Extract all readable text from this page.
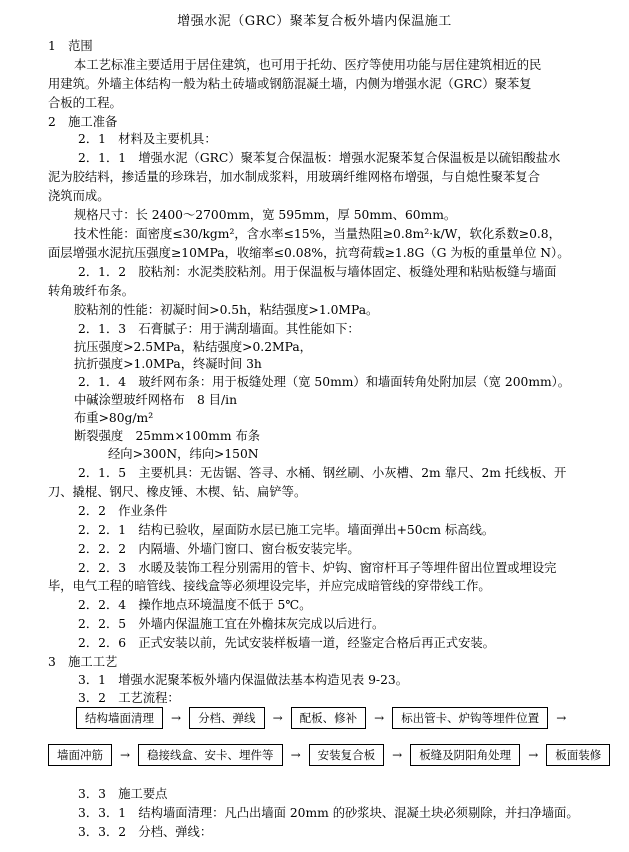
增强水泥（GRC）聚苯复合板外墙内保温施工
1　范围
本工艺标准主要适用于居住建筑，也可用于托幼、医疗等使用功能与居住建筑相近的民
用建筑。外墙主体结构一般为粘土砖墙或钢筋混凝土墙，内侧为增强水泥（GRC）聚苯复
合板的工程。
2　施工准备
2．1　材料及主要机具：
2．1．1　增强水泥（GRC）聚苯复合保温板：增强水泥聚苯复合保温板是以硫铝酸盐水
泥为胶结料，掺适量的珍珠岩，加水制成浆料，用玻璃纤维网格布增强，与自熄性聚苯复合
浇筑而成。
规格尺寸：长 2400～2700mm，宽 595mm，厚 50mm、60mm。
技术性能：面密度≤30/kgm²，含水率≤15%，当量热阻≥0.8m²·k/W，软化系数≥0.8，
面层增强水泥抗压强度≥10MPa，收缩率≤0.08%，抗弯荷载≥1.8G（G 为板的重量单位 N）。
2．1．2　胶粘剂：水泥类胶粘剂。用于保温板与墙体固定、板缝处理和粘贴板缝与墙面
转角玻纤布条。
胶粘剂的性能：初凝时间>0.5h，粘结强度>1.0MPa。
2．1．3　石膏腻子：用于满刮墙面。其性能如下：
抗压强度>2.5MPa，粘结强度>0.2MPa，
抗折强度>1.0MPa，终凝时间 3h
2．1．4　玻纤网布条：用于板缝处理（宽 50mm）和墙面转角处附加层（宽 200mm）。
中碱涂塑玻纤网格布　8 目/in
布重>80g/m²
断裂强度　25mm×100mm 布条
经向>300N，纬向>150N
2．1．5　主要机具：无齿锯、答寻、水桶、钢丝刷、小灰槽、2m 靠尺、2m 托线板、开
刀、撬棍、钢尺、橡皮锤、木楔、钻、扁铲等。
2．2　作业条件
2．2．1　结构已验收，屋面防水层已施工完毕。墙面弹出+50cm 标高线。
2．2．2　内隔墙、外墙门窗口、窗台板安装完毕。
2．2．3　水暖及装饰工程分别需用的管卡、炉钩、窗帘杆耳子等埋件留出位置或埋设完
毕，电气工程的暗管线、接线盒等必须埋设完毕，并应完成暗管线的穿带线工作。
2．2．4　操作地点环境温度不低于 5℃。
2．2．5　外墙内保温施工宜在外檐抹灰完成以后进行。
2．2．6　正式安装以前，先试安装样板墙一道，经鉴定合格后再正式安装。
3　施工工艺
3．1　增强水泥聚苯板外墙内保温做法基本构造见表 9-23。
3．2　工艺流程：
结构墙面清理	→	分档、弹线	→	配板、修补	→	标出管卡、炉钩等埋件位置	→
墙面冲筋	→	稳接线盒、安卡、埋件等	→	安装复合板	→	板缝及阴阳角处理	→	板面装修
3．3　施工要点
3．3．1　结构墙面清理：凡凸出墙面 20mm 的砂浆块、混凝土块必须剔除，并扫净墙面。
3．3．2　分档、弹线：
